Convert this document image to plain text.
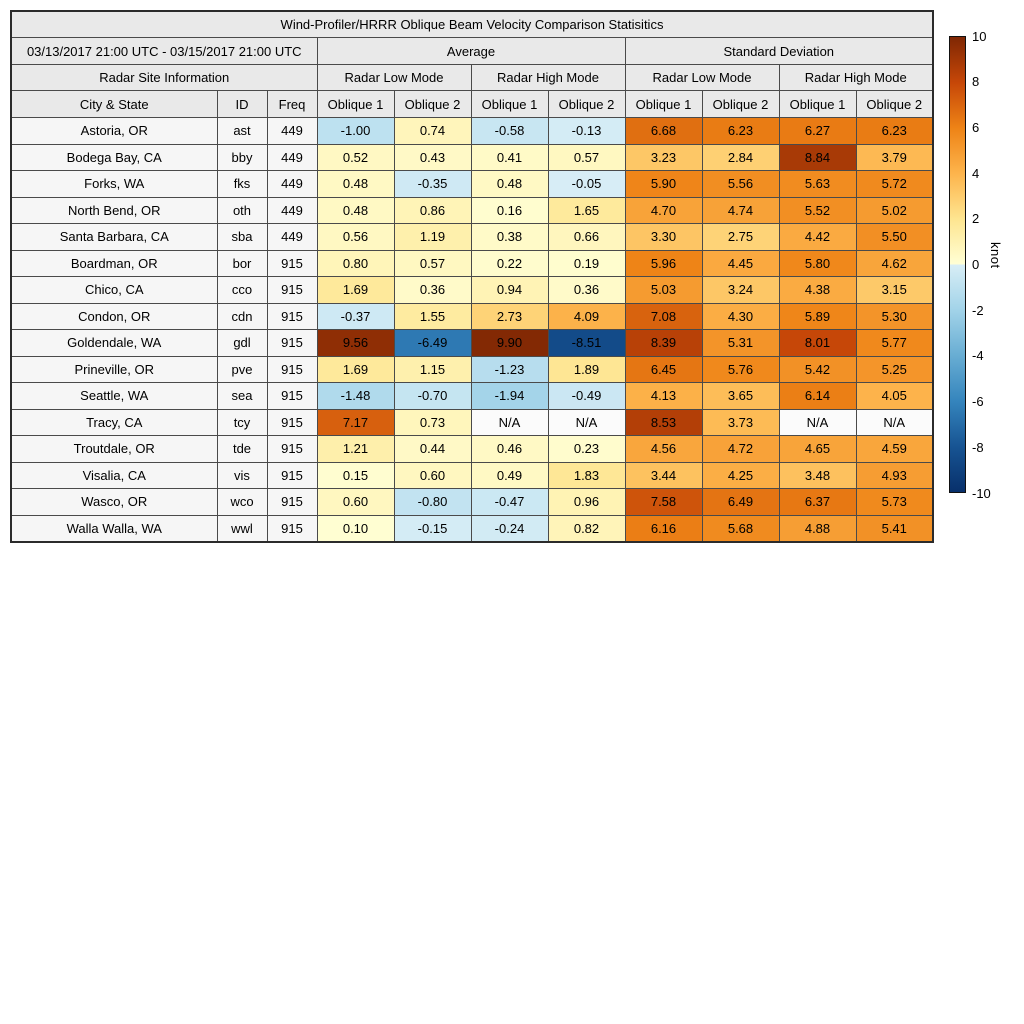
Wind-Profiler/HRRR Oblique Beam Velocity Comparison Statisitics										
03/13/2017 21:00 UTC - 03/15/2017 21:00 UTC			Average				Standard Deviation			
Radar Site Information			Radar Low Mode		Radar High Mode		Radar Low Mode		Radar High Mode	
City & State	ID	Freq	Oblique 1	Oblique 2	Oblique 1	Oblique 2	Oblique 1	Oblique 2	Oblique 1	Oblique 2
Astoria, OR	ast	449	-1.00	0.74	-0.58	-0.13	6.68	6.23	6.27	6.23
Bodega Bay, CA	bby	449	0.52	0.43	0.41	0.57	3.23	2.84	8.84	3.79
Forks, WA	fks	449	0.48	-0.35	0.48	-0.05	5.90	5.56	5.63	5.72
North Bend, OR	oth	449	0.48	0.86	0.16	1.65	4.70	4.74	5.52	5.02
Santa Barbara, CA	sba	449	0.56	1.19	0.38	0.66	3.30	2.75	4.42	5.50
Boardman, OR	bor	915	0.80	0.57	0.22	0.19	5.96	4.45	5.80	4.62
Chico, CA	cco	915	1.69	0.36	0.94	0.36	5.03	3.24	4.38	3.15
Condon, OR	cdn	915	-0.37	1.55	2.73	4.09	7.08	4.30	5.89	5.30
Goldendale, WA	gdl	915	9.56	-6.49	9.90	-8.51	8.39	5.31	8.01	5.77
Prineville, OR	pve	915	1.69	1.15	-1.23	1.89	6.45	5.76	5.42	5.25
Seattle, WA	sea	915	-1.48	-0.70	-1.94	-0.49	4.13	3.65	6.14	4.05
Tracy, CA	tcy	915	7.17	0.73	N/A	N/A	8.53	3.73	N/A	N/A
Troutdale, OR	tde	915	1.21	0.44	0.46	0.23	4.56	4.72	4.65	4.59
Visalia, CA	vis	915	0.15	0.60	0.49	1.83	3.44	4.25	3.48	4.93
Wasco, OR	wco	915	0.60	-0.80	-0.47	0.96	7.58	6.49	6.37	5.73
Walla Walla, WA	wwl	915	0.10	-0.15	-0.24	0.82	6.16	5.68	4.88	5.41
10
8
6
4
2
0
-2
-4
-6
-8
-10
knot
